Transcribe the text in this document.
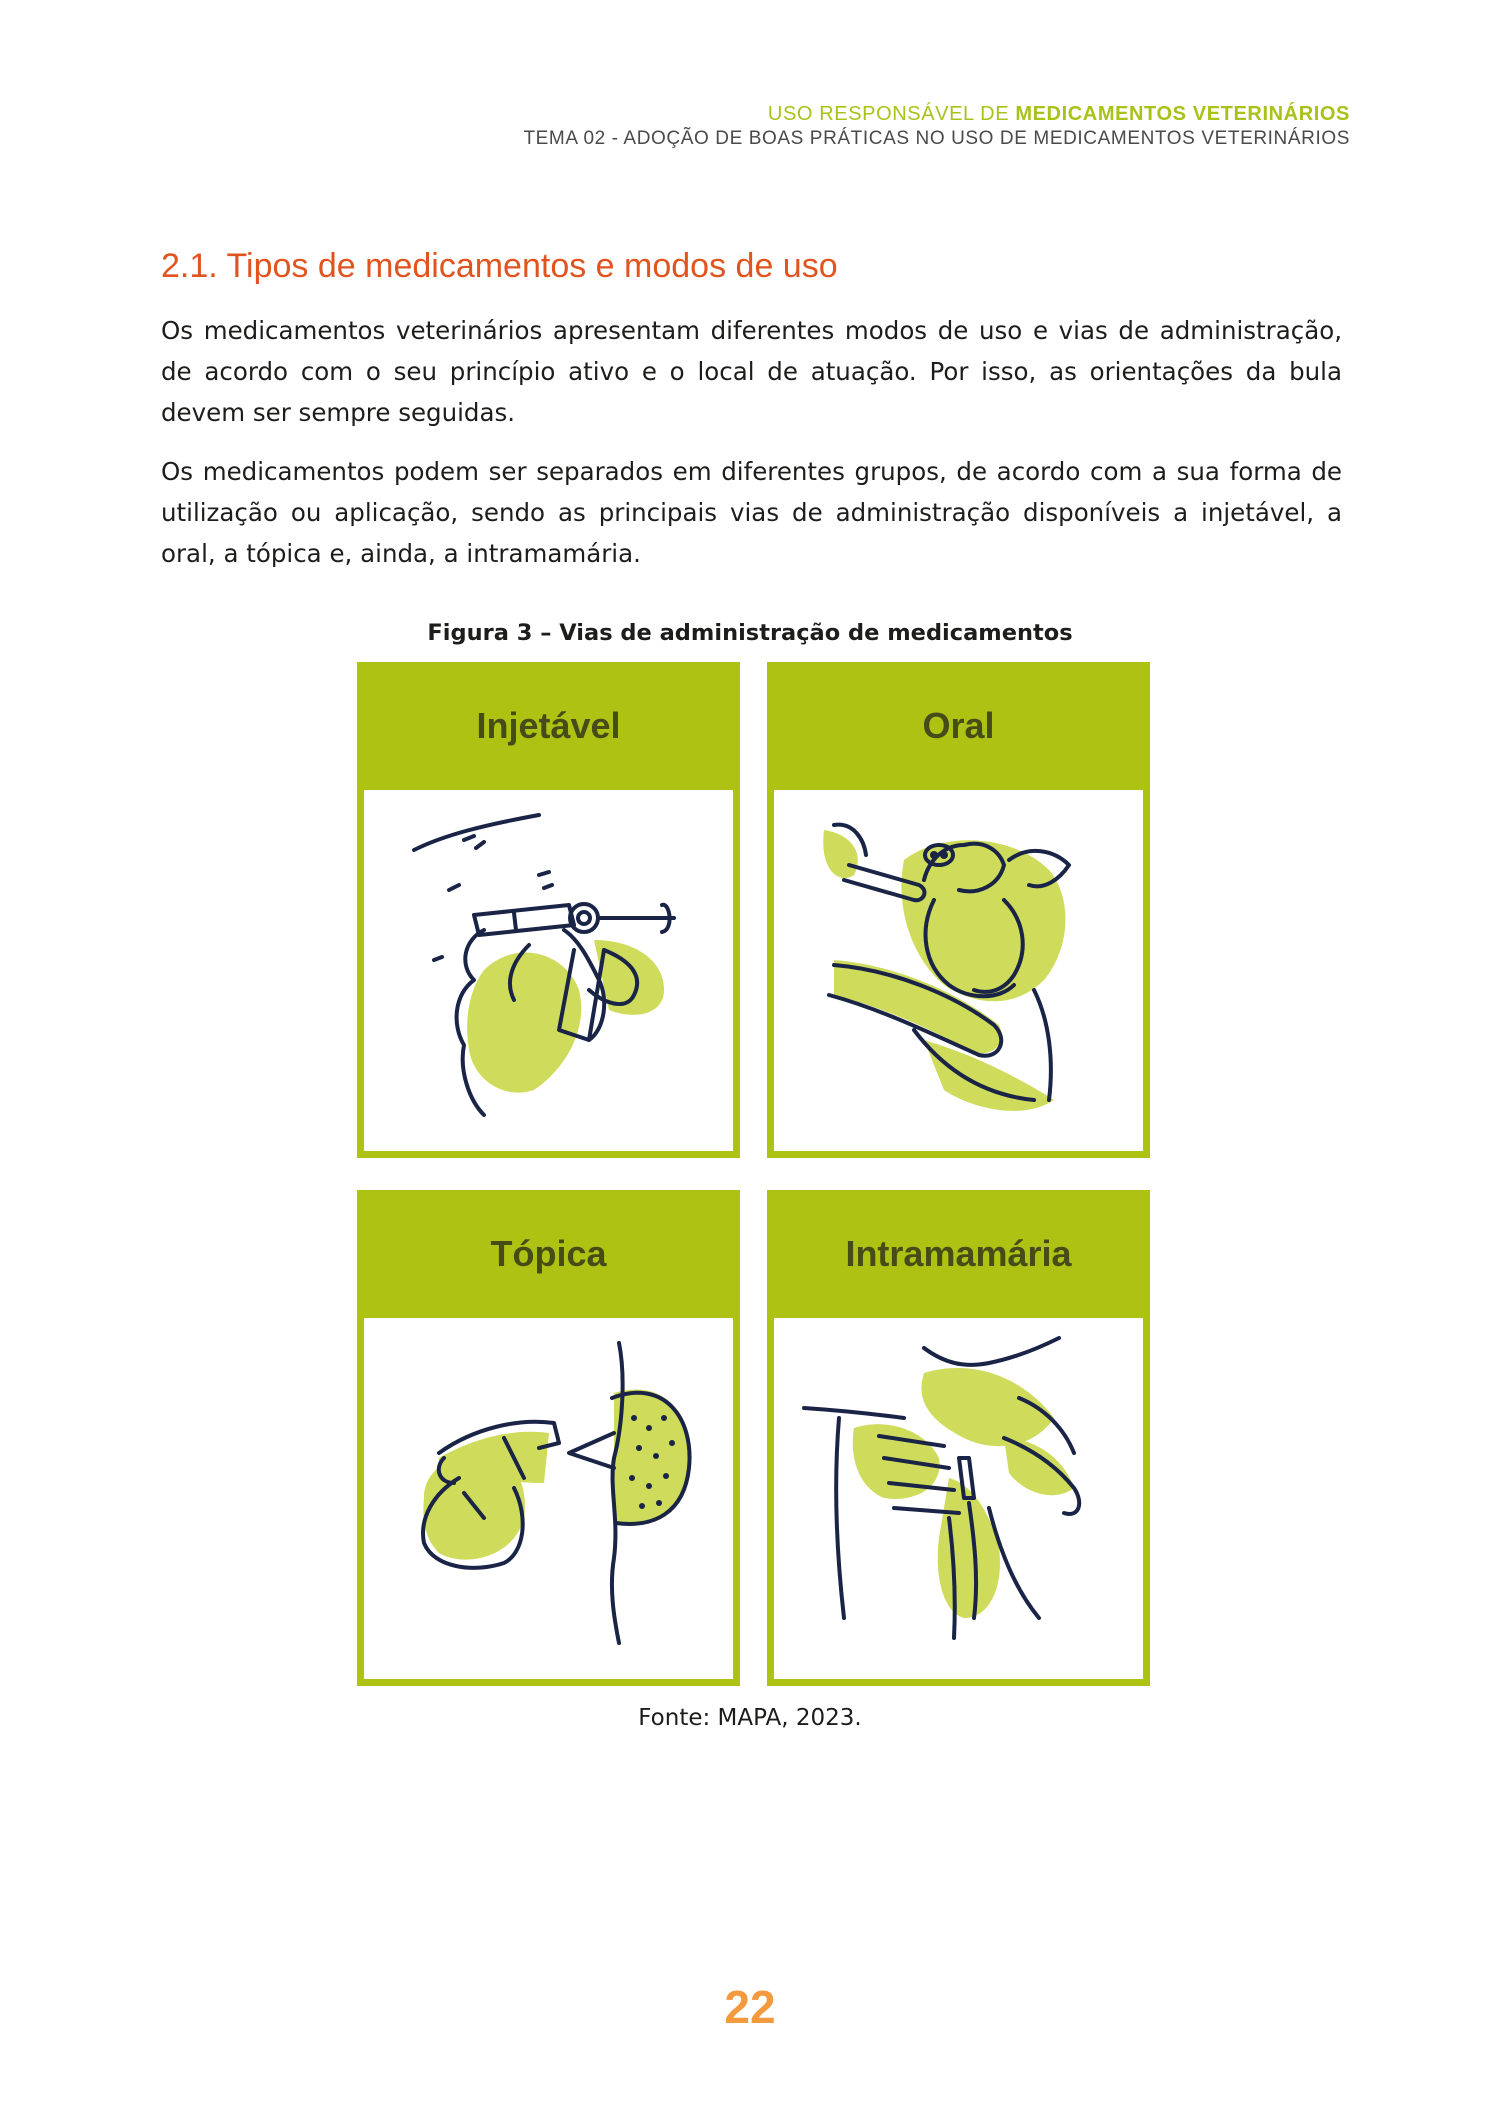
USO RESPONSÁVEL DE MEDICAMENTOS VETERINÁRIOS
TEMA 02 - ADOÇÃO DE BOAS PRÁTICAS NO USO DE MEDICAMENTOS VETERINÁRIOS
2.1. Tipos de medicamentos e modos de uso

Os medicamentos veterinários apresentam diferentes modos de uso e vias de administração, de acordo com o seu princípio ativo e o local de atuação. Por isso, as orientações da bula devem ser sempre seguidas.

Os medicamentos podem ser separados em diferentes grupos, de acordo com a sua forma de utilização ou aplicação, sendo as principais vias de administração disponíveis a injetável, a oral, a tópica e, ainda, a intramamária.

Figura 3 – Vias de administração de medicamentos
Injetável	Oral
Tópica	Intramamária
Fonte: MAPA, 2023.
22
